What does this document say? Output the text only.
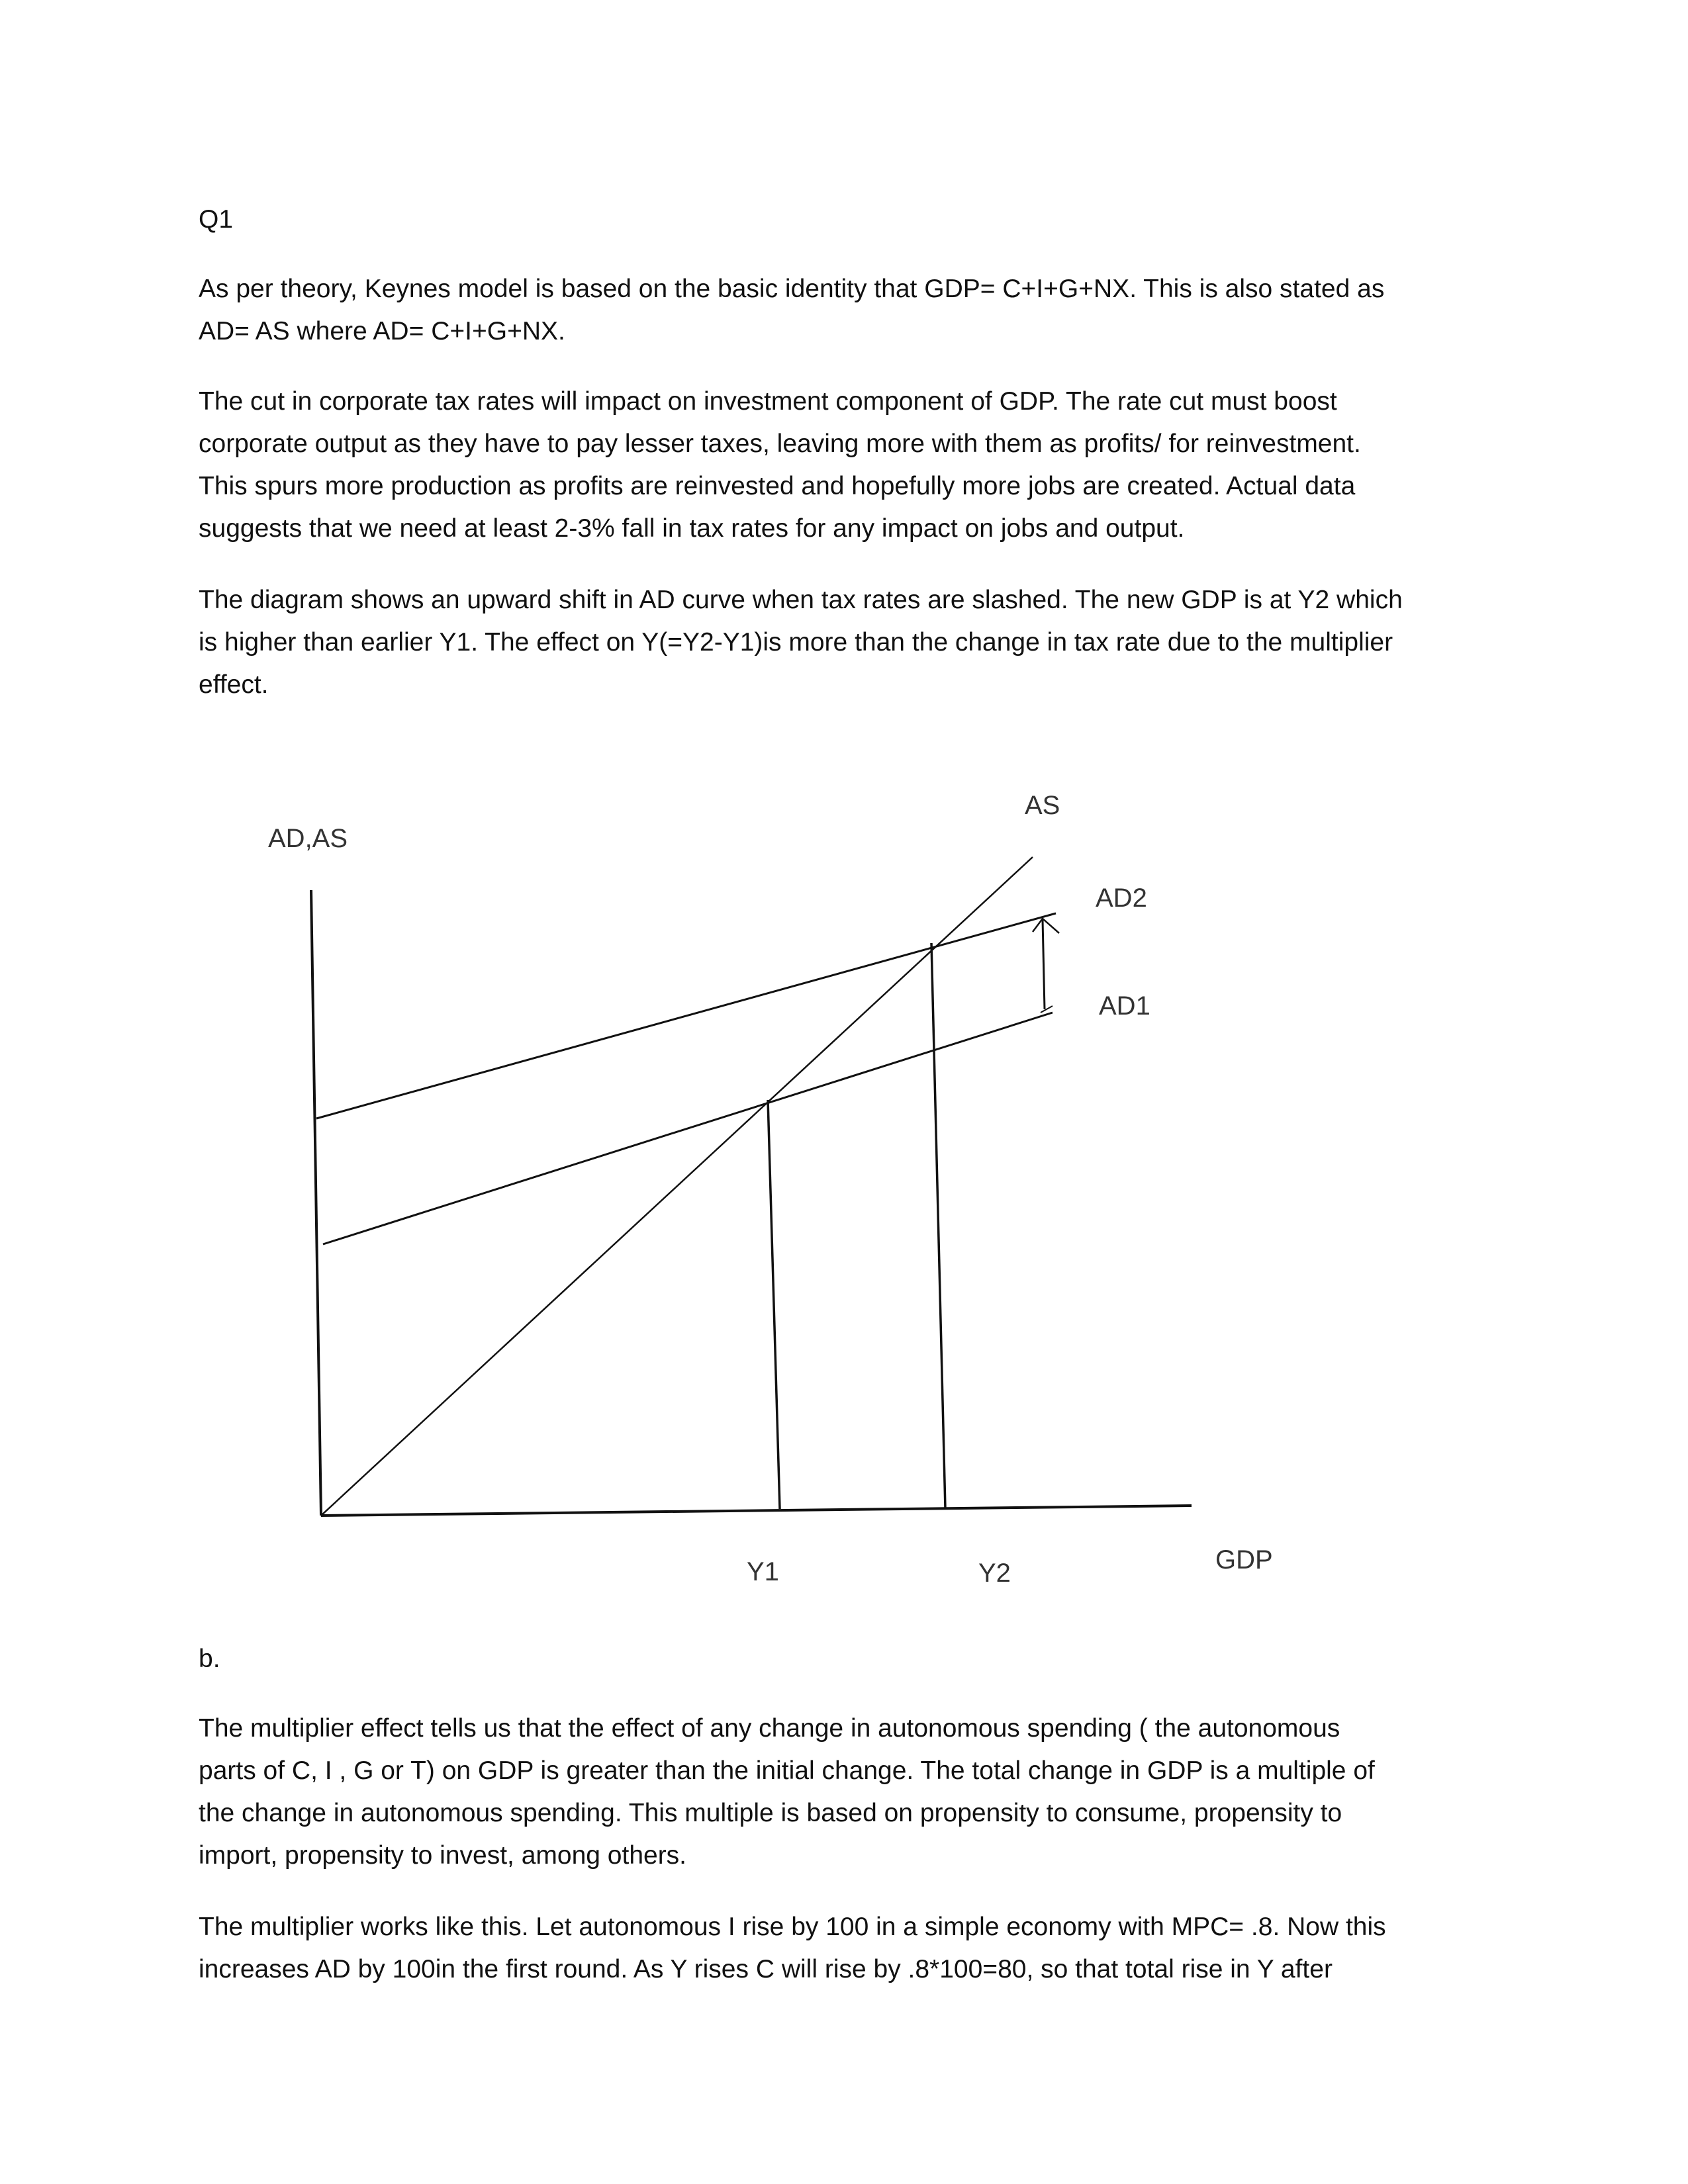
Q1
As per theory, Keynes model is based on the basic identity that GDP= C+I+G+NX. This is also stated as
AD= AS where AD= C+I+G+NX.
The cut in corporate tax rates will impact on investment component of GDP. The rate cut must boost
corporate output as they have to pay lesser taxes, leaving more with them as profits/ for reinvestment.
This spurs more production as profits are reinvested and hopefully more jobs are created. Actual data
suggests that we need at least 2-3% fall in tax rates for any impact on jobs and output.
The diagram shows an upward shift in AD curve when tax rates are slashed. The new GDP is at Y2 which
is higher than earlier Y1. The effect on Y(=Y2-Y1)is more than the change in tax rate due to the multiplier
effect.
AD,AS
AS
AD2
AD1
Y1	Y2	GDP
b.
The multiplier effect tells us that the effect of any change in autonomous spending ( the autonomous
parts of C, I , G or T) on GDP is greater than the initial change. The total change in GDP is a multiple of
the change in autonomous spending. This multiple is based on propensity to consume, propensity to
import, propensity to invest, among others.
The multiplier works like this. Let autonomous I rise by 100 in a simple economy with MPC= .8. Now this
increases AD by 100in the first round. As Y rises C will rise by .8*100=80, so that total rise in Y after
